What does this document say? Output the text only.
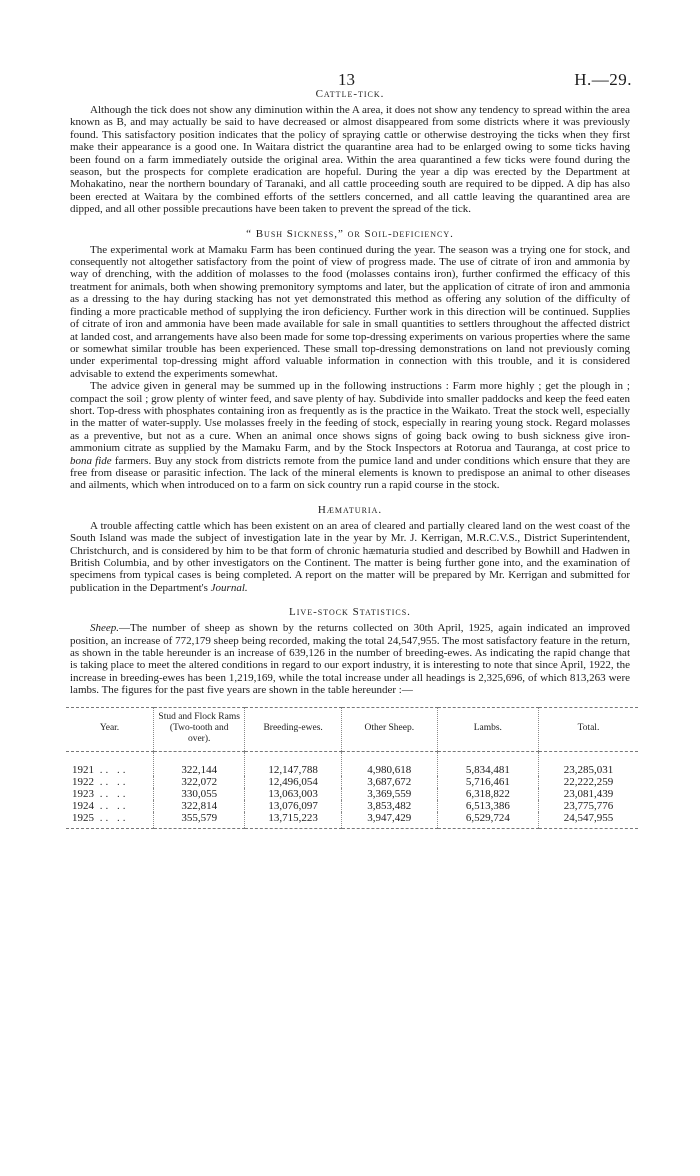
13	H.—29.
Cattle-tick.

Although the tick does not show any diminution within the A area, it does not show any tendency to spread within the area known as B, and may actually be said to have decreased or almost disappeared from some districts where it was previously found. This satisfactory position indicates that the policy of spraying cattle or otherwise destroying the ticks when they first make their appearance is a good one. In Waitara district the quarantine area had to be enlarged owing to some ticks having been found on a farm immediately outside the original area. Within the area quarantined a few ticks were found during the season, but the prospects for complete eradication are hopeful. During the year a dip was erected by the Department at Mohakatino, near the northern boundary of Taranaki, and all cattle proceeding south are required to be dipped. A dip has also been erected at Waitara by the combined efforts of the settlers concerned, and all cattle leaving the quarantined area are dipped, and all other possible precautions have been taken to prevent the spread of the tick.

“ Bush Sickness,” or Soil-deficiency.

The experimental work at Mamaku Farm has been continued during the year. The season was a trying one for stock, and consequently not altogether satisfactory from the point of view of progress made. The use of citrate of iron and ammonia by way of drenching, with the addition of molasses to the food (molasses contains iron), further confirmed the efficacy of this treatment for animals, both when showing premonitory symptoms and later, but the application of citrate of iron and ammonia as a dressing to the hay during stacking has not yet demonstrated this method as offering any solution of the difficulty of finding a more practicable method of supplying the iron deficiency. Further work in this direction will be continued. Supplies of citrate of iron and ammonia have been made available for sale in small quantities to settlers throughout the affected district at landed cost, and arrangements have also been made for some top-dressing experiments on various properties where the same or somewhat similar trouble has been experienced. These small top-dressing demonstrations on land not previously coming under experimental top-dressing might afford valuable information in connection with this trouble, and it is considered advisable to extend the experiments somewhat.

The advice given in general may be summed up in the following instructions : Farm more highly ; get the plough in ; compact the soil ; grow plenty of winter feed, and save plenty of hay. Subdivide into smaller paddocks and keep the feed eaten short. Top-dress with phosphates containing iron as frequently as is the practice in the Waikato. Treat the stock well, especially in the matter of water-supply. Use molasses freely in the feeding of stock, especially in rearing young stock. Regard molasses as a preventive, but not as a cure. When an animal once shows signs of going back owing to bush sickness give iron-ammonium citrate as supplied by the Mamaku Farm, and by the Stock Inspectors at Rotorua and Tauranga, at cost price to bona fide farmers. Buy any stock from districts remote from the pumice land and under conditions which ensure that they are free from disease or parasitic infection. The lack of the mineral elements is known to predispose an animal to other diseases and ailments, which when introduced on to a farm on sick country run a rapid course in the stock.

Hæmaturia.

A trouble affecting cattle which has been existent on an area of cleared and partially cleared land on the west coast of the South Island was made the subject of investigation late in the year by Mr. J. Kerrigan, M.R.C.V.S., District Superintendent, Christchurch, and is considered by him to be that form of chronic hæmaturia studied and described by Bowhill and Hadwen in British Columbia, and by other investigators on the Continent. The matter is being further gone into, and the examination of specimens from typical cases is being completed. A report on the matter will be prepared by Mr. Kerrigan and submitted for publication in the Department's Journal.

Live-stock Statistics.

Sheep.—The number of sheep as shown by the returns collected on 30th April, 1925, again indicated an improved position, an increase of 772,179 sheep being recorded, making the total 24,547,955. The most satisfactory feature in the return, as shown in the table hereunder is an increase of 639,126 in the number of breeding-ewes. As indicating the rapid change that is taking place to meet the altered conditions in regard to our export industry, it is interesting to note that since April, 1922, the increase in breeding-ewes has been 1,219,169, while the total increase under all headings is 2,325,696, of which 813,263 were lambs. The figures for the past five years are shown in the table hereunder :—

Year.	Stud and Flock Rams (Two-tooth and over).	Breeding-ewes.	Other Sheep.	Lambs.	Total.
1921 .. ..	322,144	12,147,788	4,980,618	5,834,481	23,285,031
1922 .. ..	322,072	12,496,054	3,687,672	5,716,461	22,222,259
1923 .. ..	330,055	13,063,003	3,369,559	6,318,822	23,081,439
1924 .. ..	322,814	13,076,097	3,853,482	6,513,386	23,775,776
1925 .. ..	355,579	13,715,223	3,947,429	6,529,724	24,547,955
